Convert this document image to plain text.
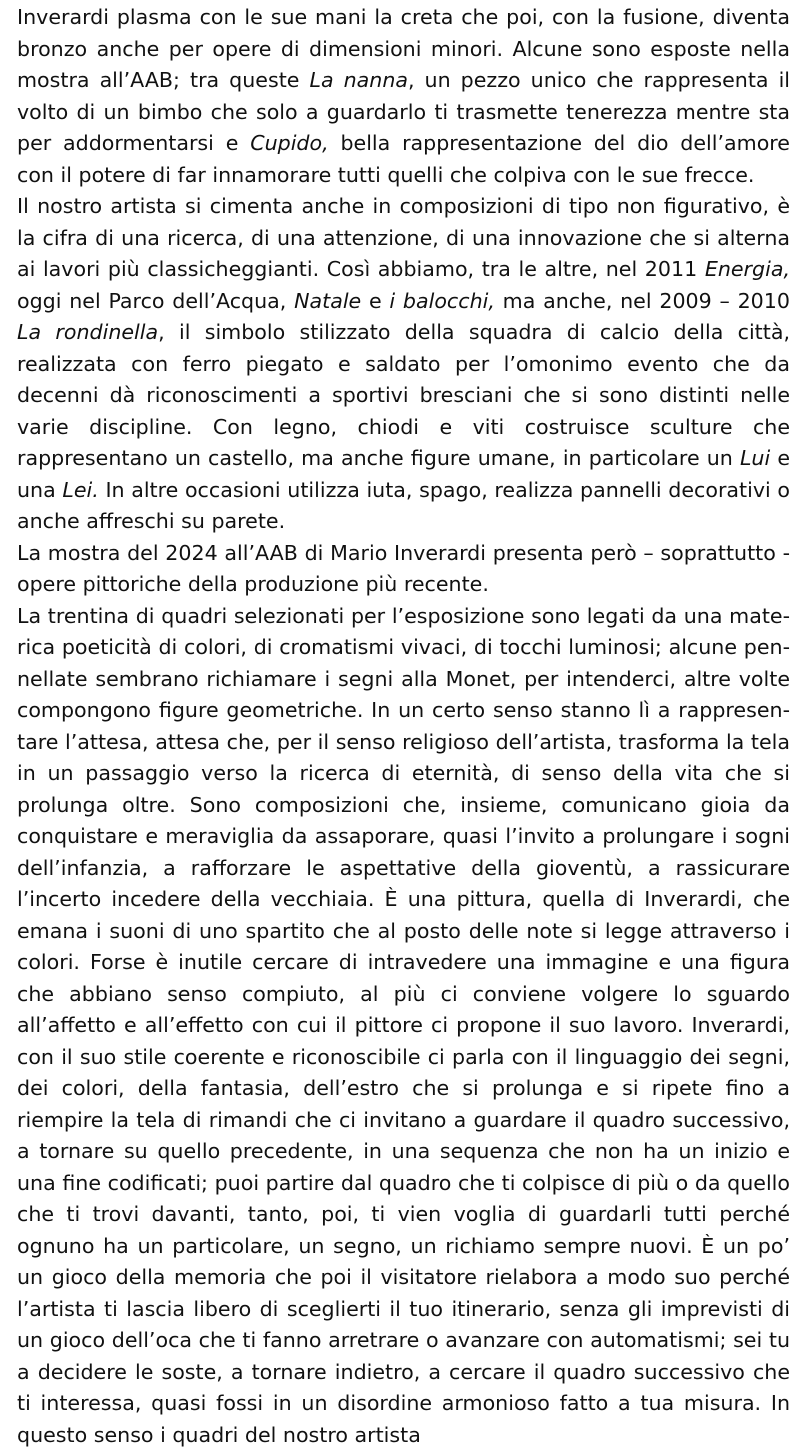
Inverardi plasma con le sue mani la creta che poi, con la fusione, diventa bronzo anche per opere di dimensioni minori. Alcune sono esposte nella mostra all’AAB; tra queste La nanna, un pezzo unico che rappresenta il volto di un bimbo che solo a guardarlo ti trasmette tenerezza mentre sta per addormentarsi e Cupido, bella rappresentazione del dio dell’amore con il potere di far innamorare tutti quelli che colpiva con le sue frecce.

Il nostro artista si cimenta anche in composizioni di tipo non figurativo, è la cifra di una ricerca, di una attenzione, di una innovazione che si alterna ai lavori più classicheggianti. Così abbiamo, tra le altre, nel 2011 Energia, oggi nel Parco dell’Acqua, Natale e i balocchi, ma anche, nel 2009 – 2010 La rondinella, il simbolo stilizzato della squadra di calcio della città, realizzata con ferro piegato e saldato per l’omonimo evento che da decenni dà riconoscimenti a sportivi bresciani che si sono distinti nelle varie discipline. Con legno, chiodi e viti costruisce sculture che rappresentano un castello, ma anche figure umane, in particolare un Lui e una Lei. In altre occasioni utilizza iuta, spago, realizza pannelli decorativi o anche affreschi su parete.

La mostra del 2024 all’AAB di Mario Inverardi presenta però – soprattutto - opere pittoriche della produzione più recente.

La trentina di quadri selezionati per l’esposizione sono legati da una materica poeticità di colori, di cromatismi vivaci, di tocchi luminosi; alcune pennellate sembrano richiamare i segni alla Monet, per intenderci, altre volte compongono figure geometriche. In un certo senso stanno lì a rappresentare l’attesa, attesa che, per il senso religioso dell’artista, trasforma la tela in un passaggio verso la ricerca di eternità, di senso della vita che si prolunga oltre. Sono composizioni che, insieme, comunicano gioia da conquistare e meraviglia da assaporare, quasi l’invito a prolungare i sogni dell’infanzia, a rafforzare le aspettative della gioventù, a rassicurare l’incerto incedere della vecchiaia. È una pittura, quella di Inverardi, che emana i suoni di uno spartito che al posto delle note si legge attraverso i colori. Forse è inutile cercare di intravedere una immagine e una figura che abbiano senso compiuto, al più ci conviene volgere lo sguardo all’affetto e all’effetto con cui il pittore ci propone il suo lavoro. Inverardi, con il suo stile coerente e riconoscibile ci parla con il linguaggio dei segni, dei colori, della fantasia, dell’estro che si prolunga e si ripete fino a riempire la tela di rimandi che ci invitano a guardare il quadro successivo, a tornare su quello precedente, in una sequenza che non ha un inizio e una fine codificati; puoi partire dal quadro che ti colpisce di più o da quello che ti trovi davanti, tanto, poi, ti vien voglia di guardarli tutti perché ognuno ha un particolare, un segno, un richiamo sempre nuovi. È un po’ un gioco della memoria che poi il visitatore rielabora a modo suo perché l’artista ti lascia libero di sceglierti il tuo itinerario, senza gli imprevisti di un gioco dell’oca che ti fanno arretrare o avanzare con automatismi; sei tu a decidere le soste, a tornare indietro, a cercare il quadro successivo che ti interessa, quasi fossi in un disordine armonioso fatto a tua misura. In questo senso i quadri del nostro artista
